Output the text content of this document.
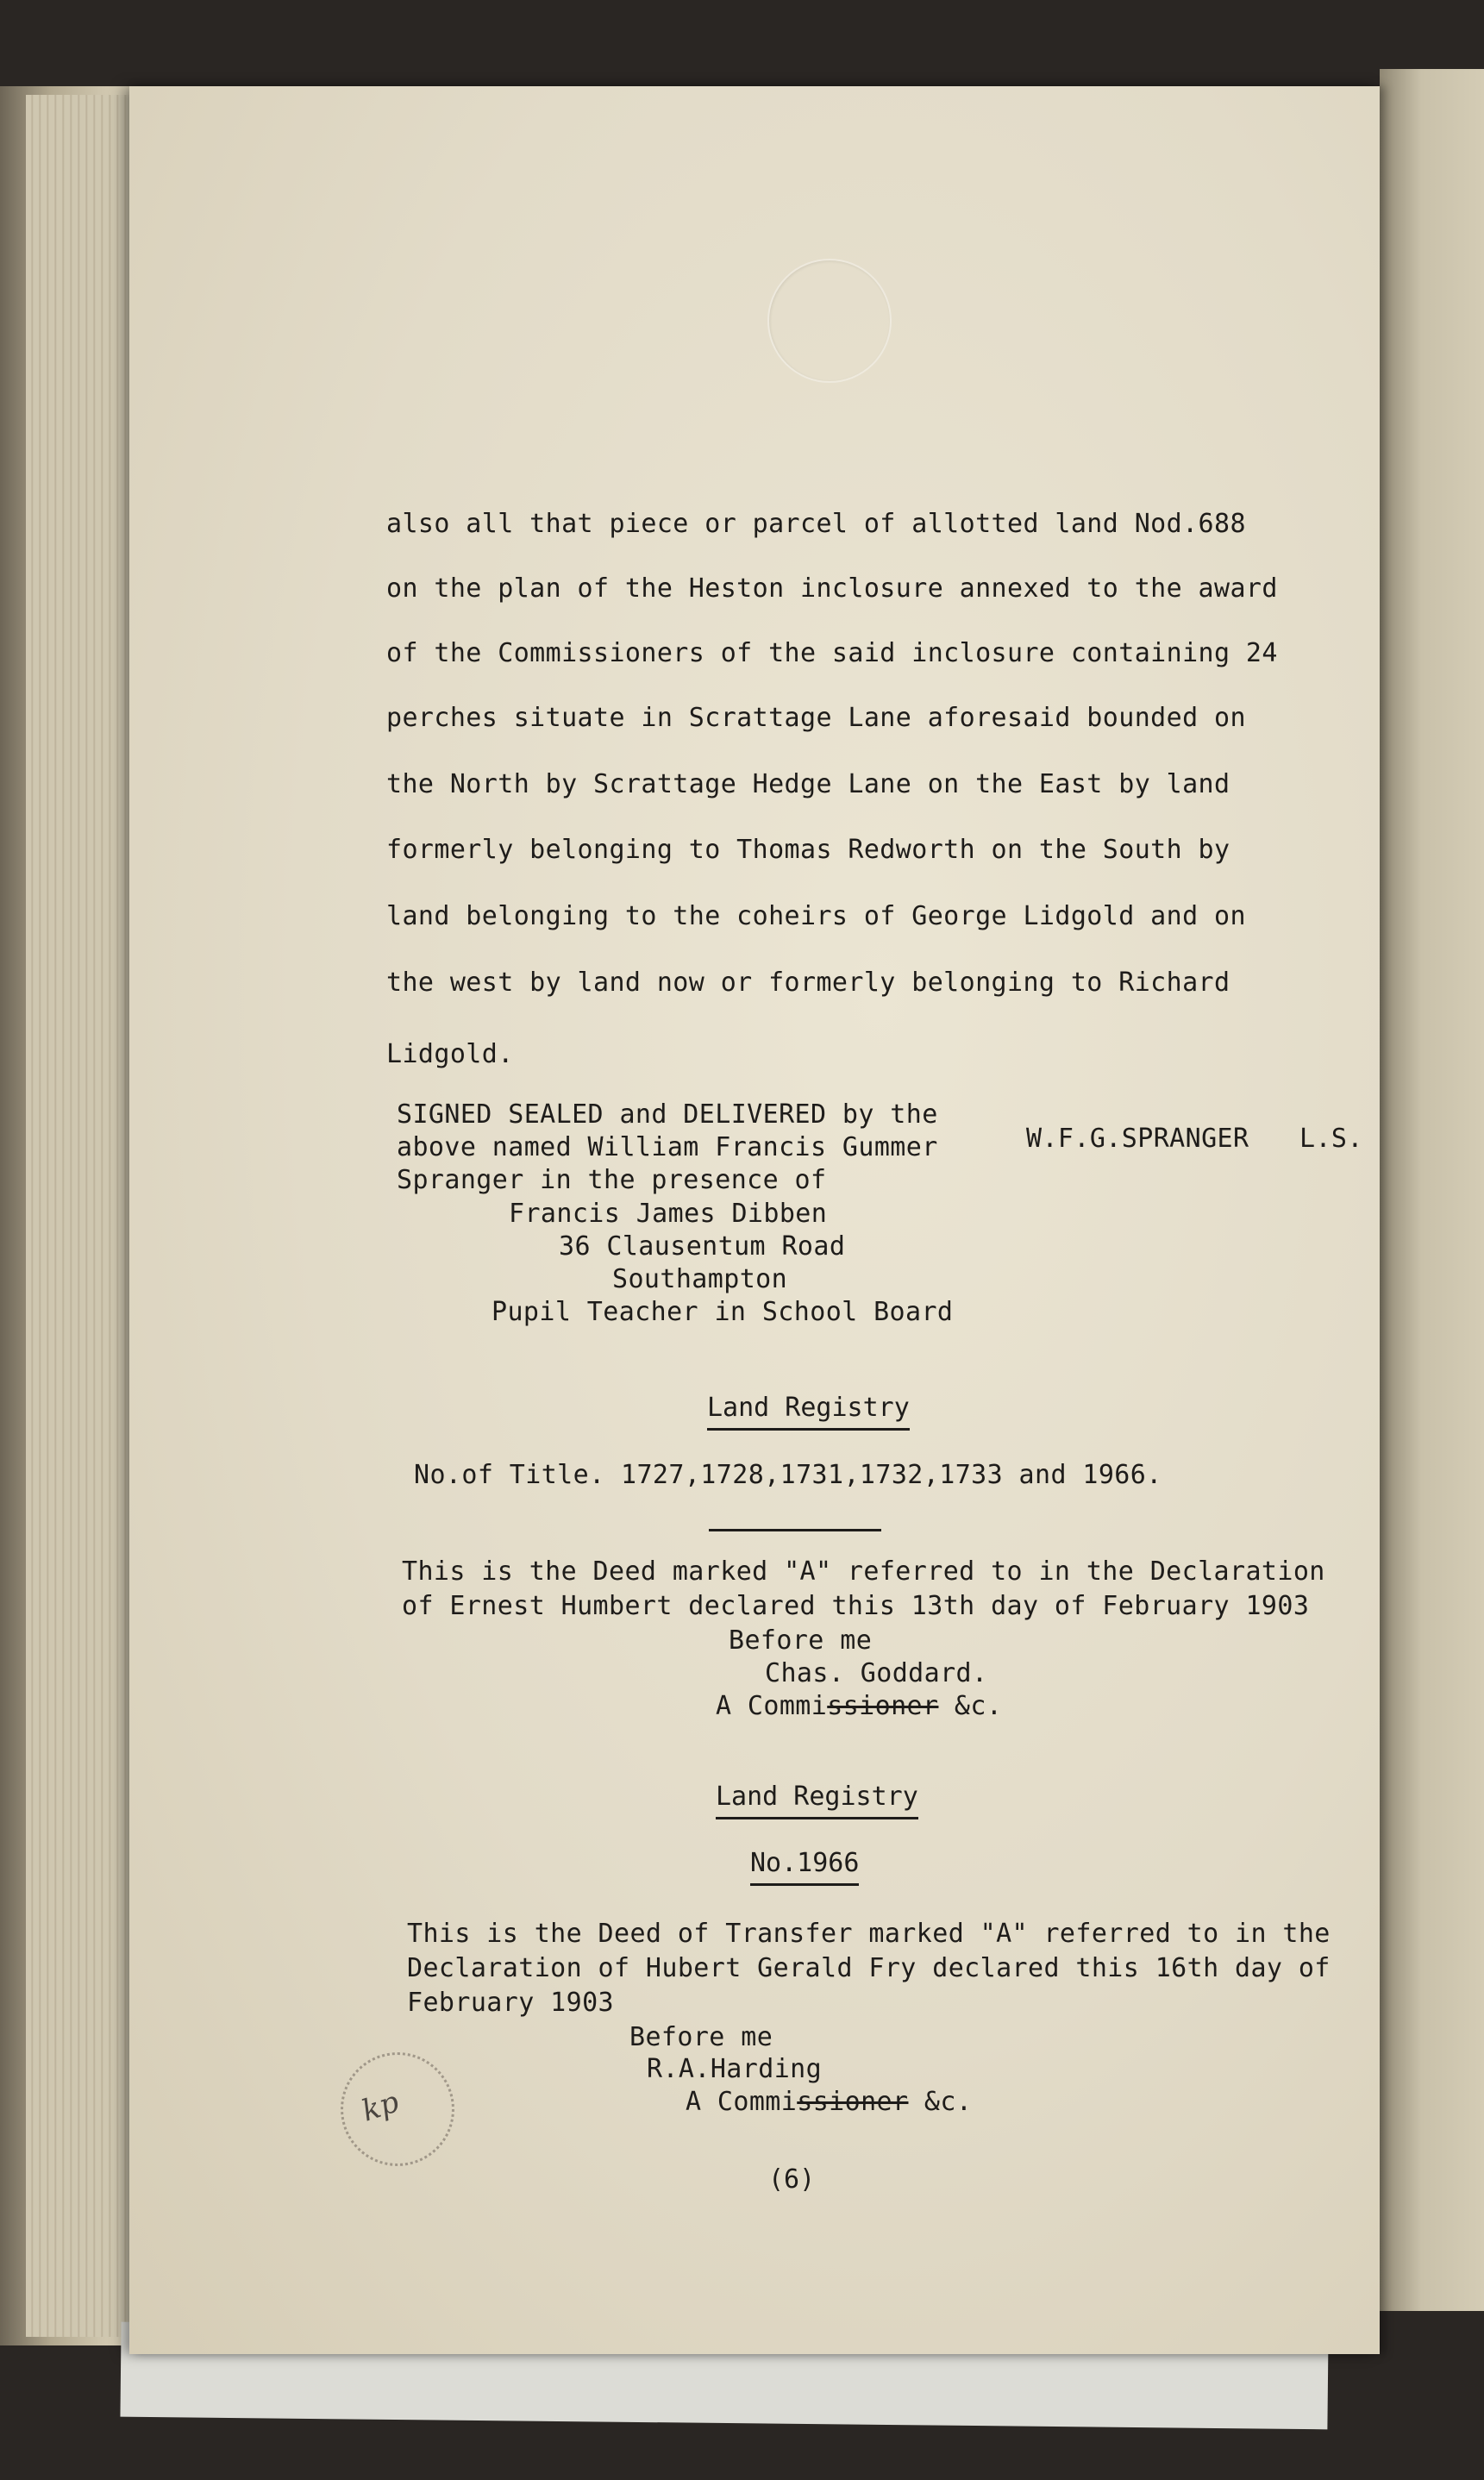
also all that piece or parcel of allotted land Nod.688
on the plan of the Heston inclosure annexed to the award
of the Commissioners of the said inclosure containing 24
perches situate in Scrattage Lane aforesaid bounded on
the North by Scrattage Hedge Lane on the East by land
formerly belonging to Thomas Redworth on the South by
land belonging to the coheirs of George Lidgold and on
the west by land now or formerly belonging to Richard
Lidgold.
SIGNED SEALED and DELIVERED by the
above named William Francis Gummer
Spranger in the presence of
W.F.G.SPRANGER L.S.
Francis James Dibben
36 Clausentum Road
Southampton
Pupil Teacher in School Board
Land Registry
No.of Title. 1727,1728,1731,1732,1733 and 1966.
This is the Deed marked "A" referred to in the Declaration
of Ernest Humbert declared this 13th day of February 1903
Before me
Chas. Goddard.
A Commissioner &c.
Land Registry
No.1966
This is the Deed of Transfer marked "A" referred to in the
Declaration of Hubert Gerald Fry declared this 16th day of
February 1903
Before me
R.A.Harding
A Commissioner &c.
kp
(6)
